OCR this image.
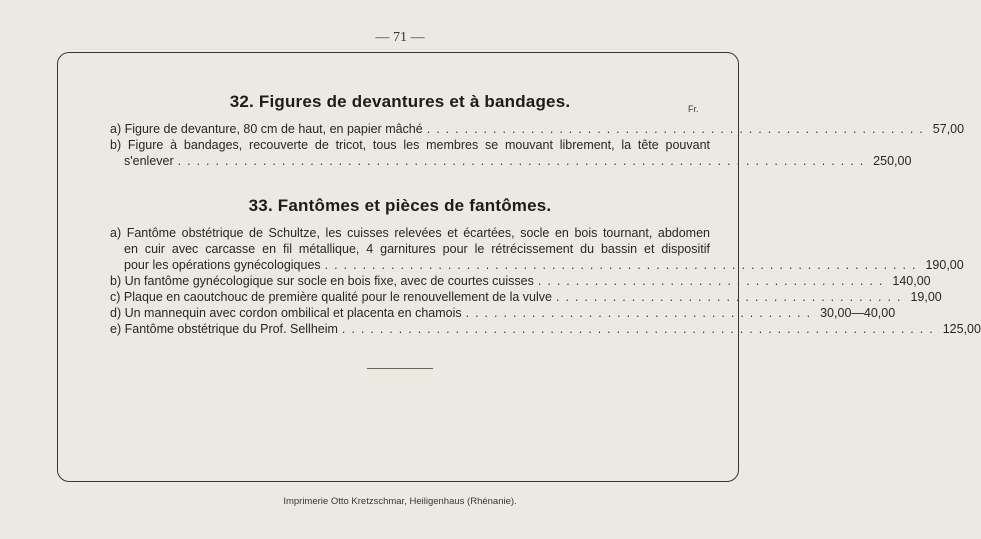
— 71 —
32. Figures de devantures et à bandages.	Fr.
a) Figure de devanture, 80 cm de haut, en papier mâché ..................................................... 57,00
b) Figure à bandages, recouverte de tricot, tous les membres se mouvant librement, la tête pouvant
s'enlever ......................................................................... 250,00
33. Fantômes et pièces de fantômes.
a) Fantôme obstétrique de Schultze, les cuisses relevées et écartées, socle en bois tournant, abdomen
en cuir avec carcasse en fil métallique, 4 garnitures pour le rétrécissement du bassin et dispositif
pour les opérations gynécologiques ............................................................... 190,00
b) Un fantôme gynécologique sur socle en bois fixe, avec de courtes cuisses ..................................... 140,00
c) Plaque en caoutchouc de première qualité pour le renouvellement de la vulve ..................................... 19,00
d) Un mannequin avec cordon ombilical et placenta en chamois ..................................... 30,00—40,00
e) Fantôme obstétrique du Prof. Sellheim ............................................................... 125,00
Imprimerie Otto Kretzschmar, Heiligenhaus (Rhénanie).
